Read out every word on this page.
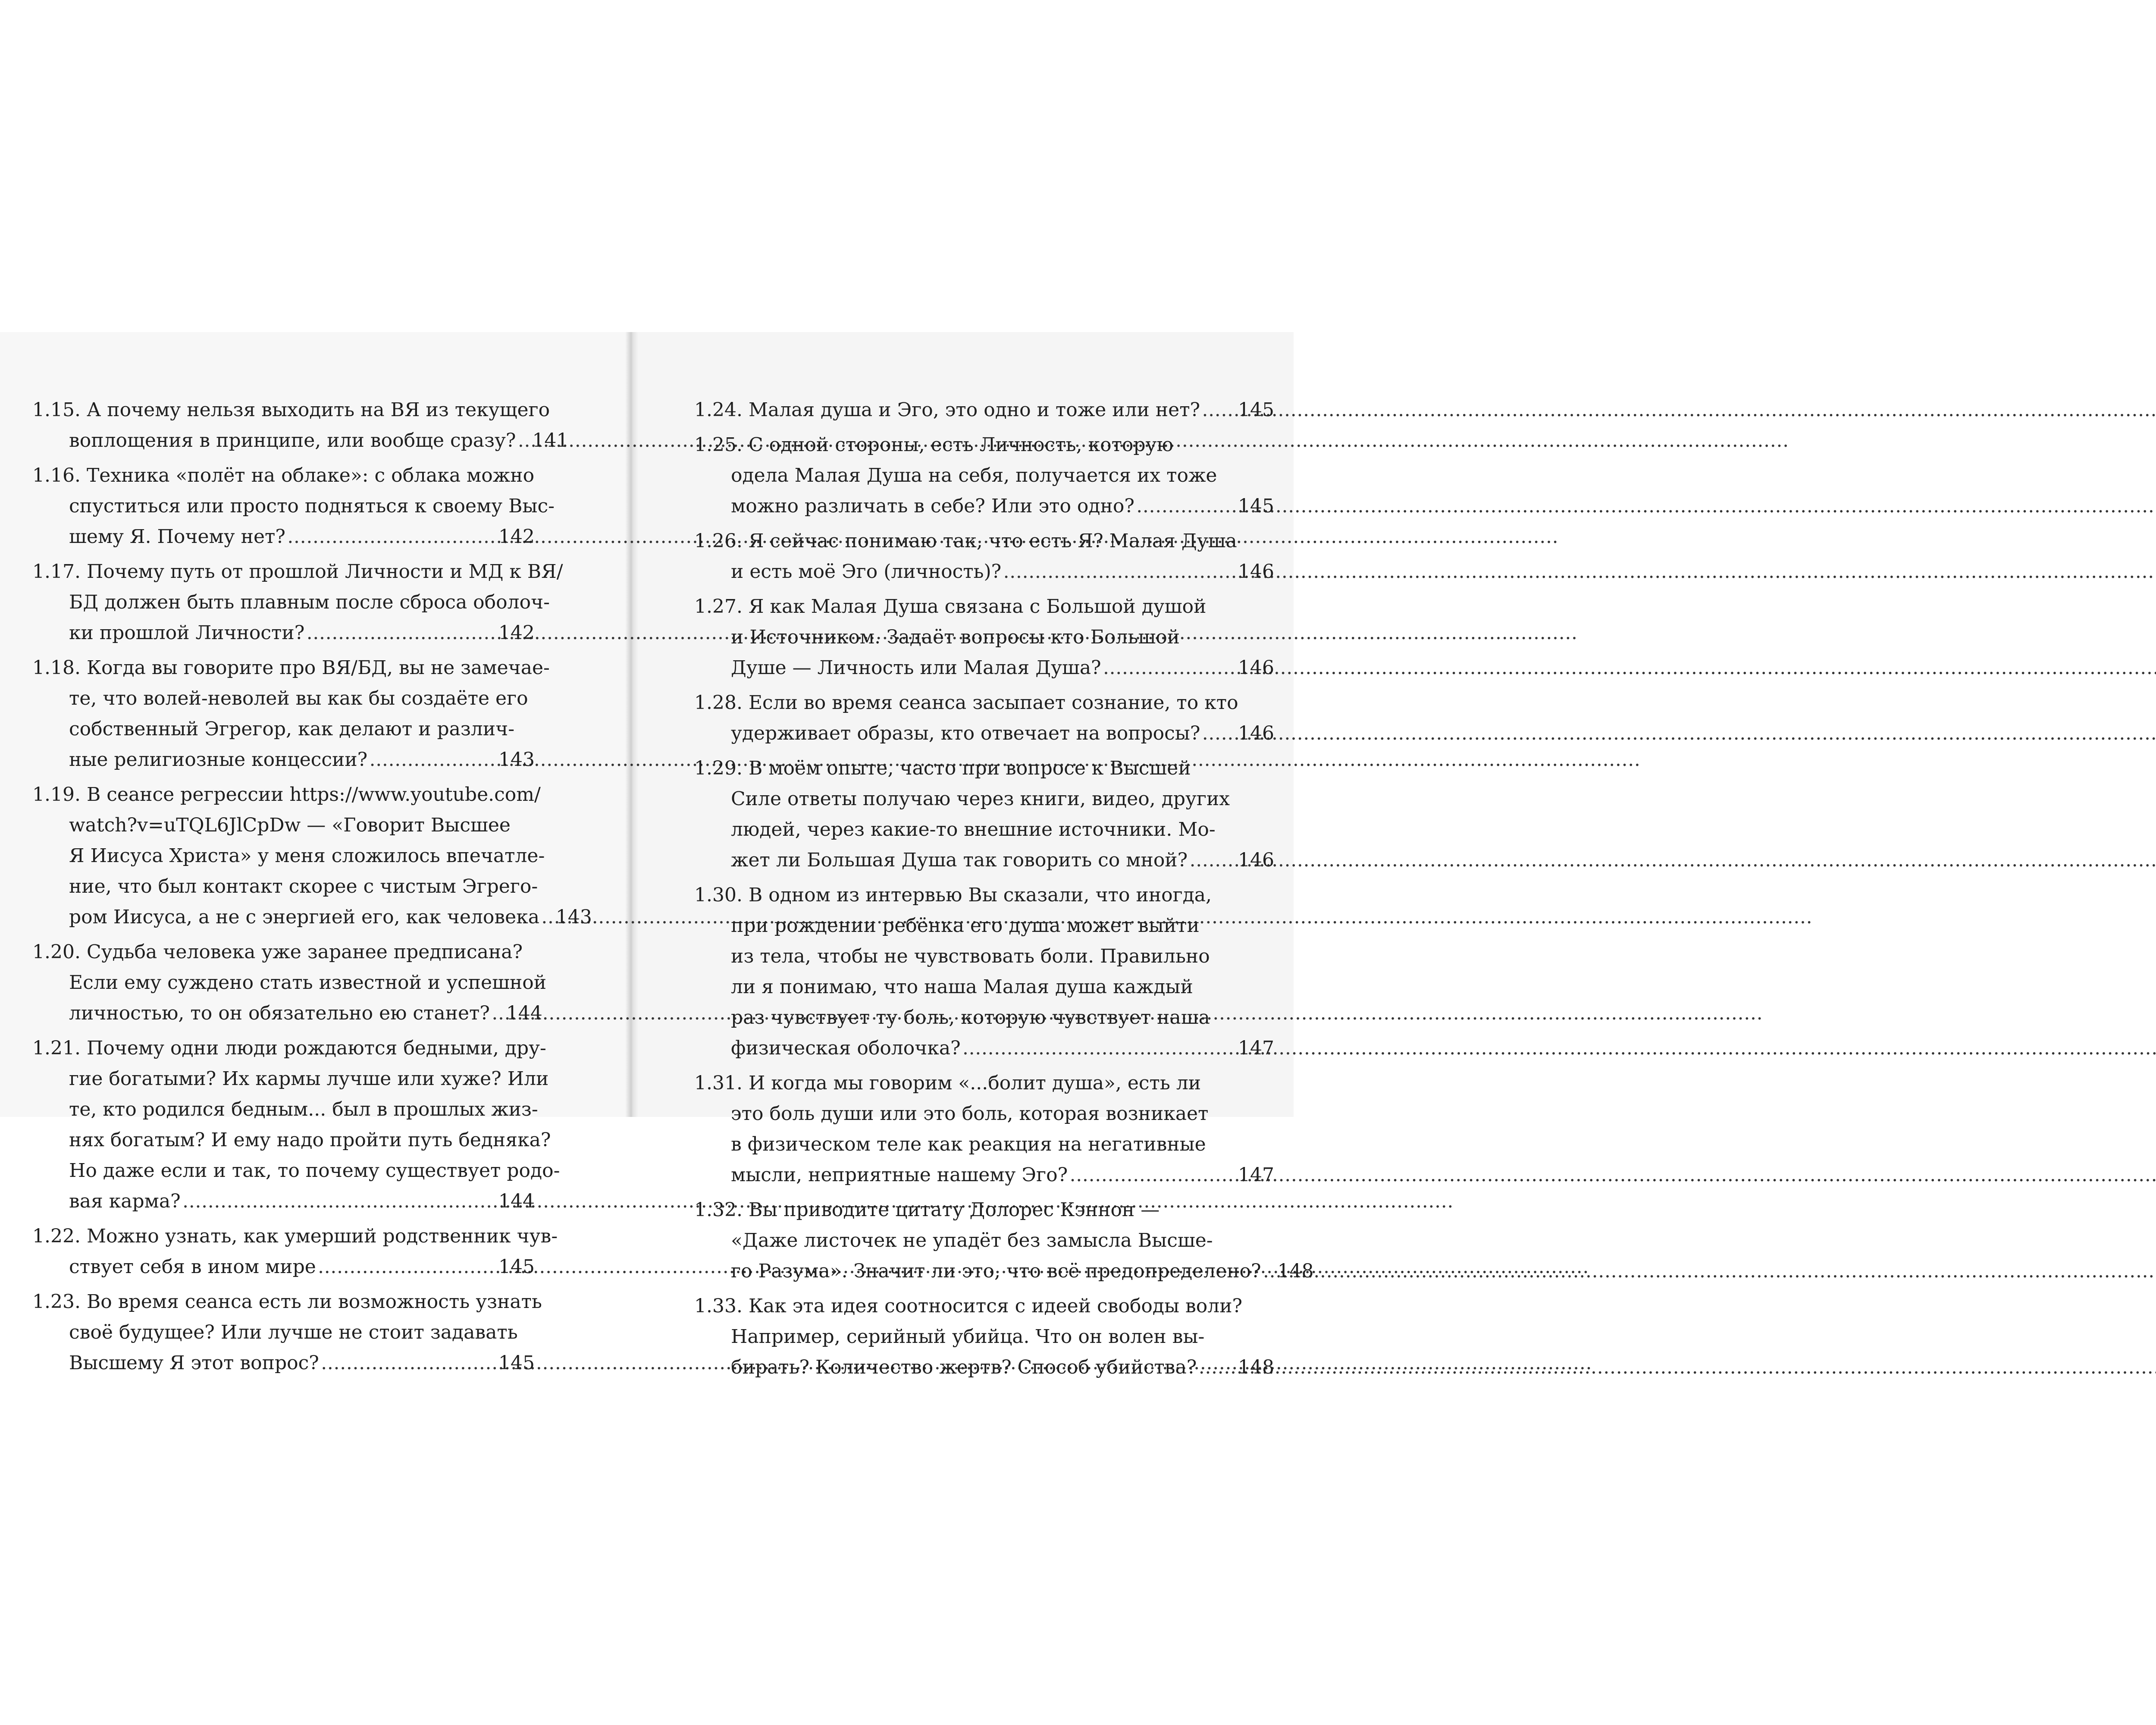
1.15. А почему нельзя выходить на ВЯ из текущего
воплощения в принципе, или вообще сразу? ………………………………………………………………………………………………………………………………………………………………………………… 141
1.16. Техника «полёт на облаке»: с облака можно
спуститься или просто подняться к своему Выс-
шему Я. Почему нет? …………………………………………………………………………………………………………………………………………………………………………………	142
1.17. Почему путь от прошлой Личности и МД к ВЯ/
БД должен быть плавным после сброса оболоч-
ки прошлой Личности? …………………………………………………………………………………………………………………………………………………………………………………	142
1.18. Когда вы говорите про ВЯ/БД, вы не замечае-
те, что волей-неволей вы как бы создаёте его
собственный Эгрегор, как делают и различ-
ные религиозные концессии? …………………………………………………………………………………………………………………………………………………………………………………	143
1.19. В сеансе регрессии https://www.youtube.com/
watch?v=uTQL6JlCpDw — «Говорит Высшее
Я Иисуса Христа» у меня сложилось впечатле-
ние, что был контакт скорее с чистым Эгрего-
ром Иисуса, а не с энергией его, как человека ………………………………………………………………………………………………………………………………………………………………………………… 143
1.20. Судьба человека уже заранее предписана?
Если ему суждено стать известной и успешной
личностью, то он обязательно ею станет? ………………………………………………………………………………………………………………………………………………………………………………… 144
1.21. Почему одни люди рождаются бедными, дру-
гие богатыми? Их кармы лучше или хуже? Или
те, кто родился бедным... был в прошлых жиз-
нях богатым? И ему надо пройти путь бедняка?
Но даже если и так, то почему существует родо-
вая карма? …………………………………………………………………………………………………………………………………………………………………………………	144
1.22. Можно узнать, как умерший родственник чув-
ствует себя в ином мире …………………………………………………………………………………………………………………………………………………………………………………	145
1.23. Во время сеанса есть ли возможность узнать
своё будущее? Или лучше не стоит задавать
Высшему Я этот вопрос? …………………………………………………………………………………………………………………………………………………………………………………	145
1.24. Малая душа и Эго, это одно и тоже или нет? ………………………………………………………………………………………………………………………………………………………………………………… 145
1.25. С одной стороны, есть Личность, которую
одела Малая Душа на себя, получается их тоже
можно различать в себе? Или это одно? …………………………………………………………………………………………………………………………………………………………………………………	145
1.26. Я сейчас понимаю так, что есть Я? Малая Душа
и есть моё Эго (личность)? …………………………………………………………………………………………………………………………………………………………………………………	146
1.27. Я как Малая Душа связана с Большой душой
и Источником. Задаёт вопросы кто Большой
Душе — Личность или Малая Душа? …………………………………………………………………………………………………………………………………………………………………………………	146
1.28. Если во время сеанса засыпает сознание, то кто
удерживает образы, кто отвечает на вопросы? ………………………………………………………………………………………………………………………………………………………………………………… 146
1.29. В моём опыте, часто при вопросе к Высшей
Силе ответы получаю через книги, видео, других
людей, через какие-то внешние источники. Мо-
жет ли Большая Душа так говорить со мной? …………………………………………………………………………………………………………………………………………………………………………………	146
1.30. В одном из интервью Вы сказали, что иногда,
при рождении ребёнка его душа может выйти
из тела, чтобы не чувствовать боли. Правильно
ли я понимаю, что наша Малая душа каждый
раз чувствует ту боль, которую чувствует наша
физическая оболочка? …………………………………………………………………………………………………………………………………………………………………………………	147
1.31. И когда мы говорим «...болит душа», есть ли
это боль души или это боль, которая возникает
в физическом теле как реакция на негативные
мысли, неприятные нашему Эго? …………………………………………………………………………………………………………………………………………………………………………………	147
1.32. Вы приводите цитату Долорес Кэннон —
«Даже листочек не упадёт без замысла Высше-
го Разума». Значит ли это, что всё предопределено? ………………………………………………………………………………………………………………………………………………………………………………… 148
1.33. Как эта идея соотносится с идеей свободы воли?
Например, серийный убийца. Что он волен вы-
бирать? Количество жертв? Способ убийства? ………………………………………………………………………………………………………………………………………………………………………………… 148
